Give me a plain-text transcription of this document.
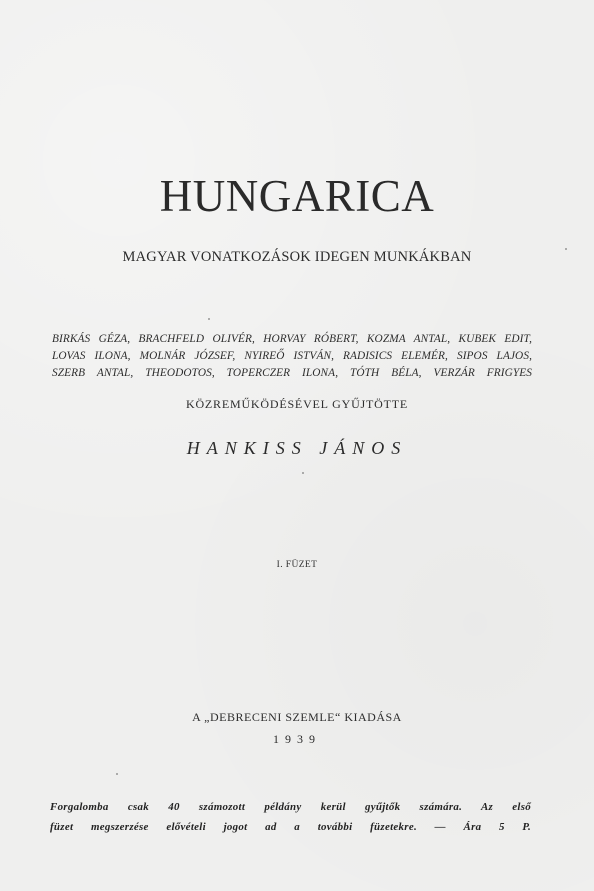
HUNGARICA
MAGYAR VONATKOZÁSOK IDEGEN MUNKÁKBAN
BIRKÁS GÉZA, BRACHFELD OLIVÉR, HORVAY RÓBERT, KOZMA ANTAL, KUBEK EDIT,
LOVAS ILONA, MOLNÁR JÓZSEF, NYIREŐ ISTVÁN, RADISICS ELEMÉR, SIPOS LAJOS,
SZERB ANTAL, THEODOTOS, TOPERCZER ILONA, TÓTH BÉLA, VERZÁR FRIGYES
KÖZREMŰKÖDÉSÉVEL GYŰJTÖTTE
HANKISS JÁNOS
I. FÜZET
A „DEBRECENI SZEMLE“ KIADÁSA
1939
Forgalomba csak 40 számozott példány kerül gyűjtők számára. Az első
füzet megszerzése elővételi jogot ad a további füzetekre. — Ára 5 P.
